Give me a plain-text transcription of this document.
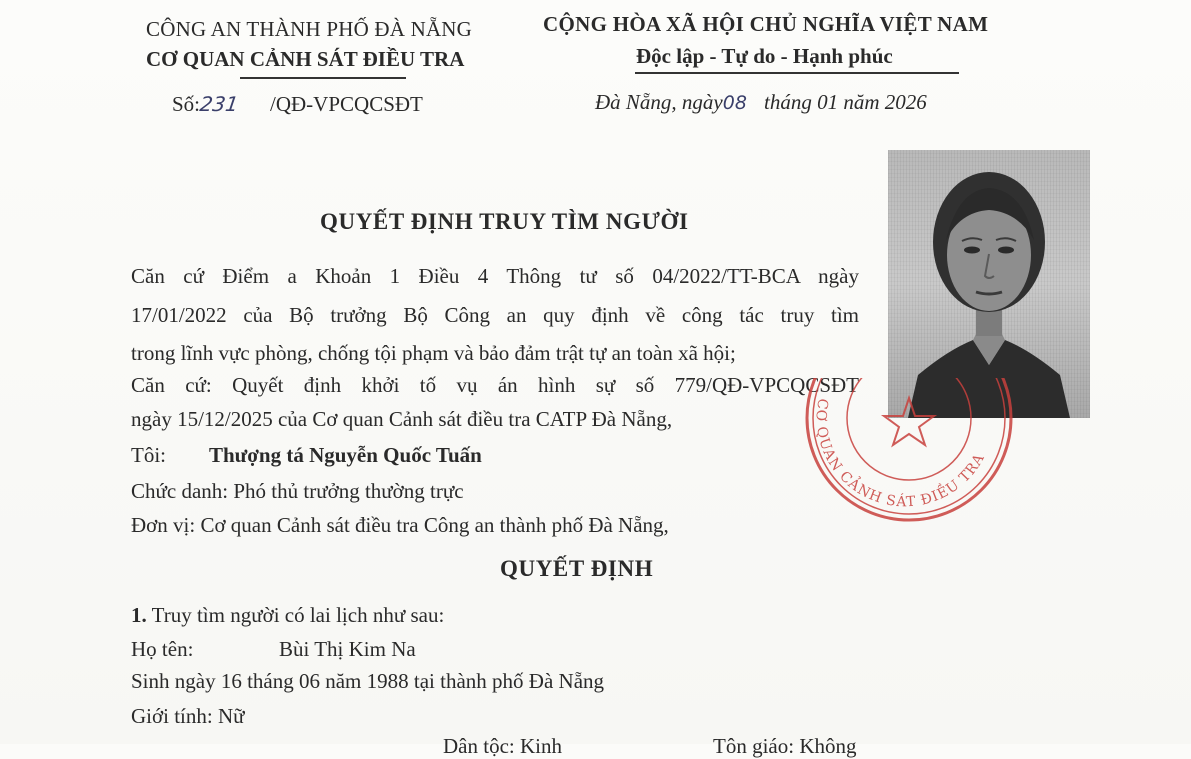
CÔNG AN THÀNH PHỐ ĐÀ NẴNG
CƠ QUAN CẢNH SÁT ĐIỀU TRA
Số:231 /QĐ-VPCQCSĐT
CỘNG HÒA XÃ HỘI CHỦ NGHĨA VIỆT NAM
Độc lập - Tự do - Hạnh phúc
Đà Nẵng, ngày08 tháng 01 năm 2026
QUYẾT ĐỊNH TRUY TÌM NGƯỜI
Căn cứ Điểm a Khoản 1 Điều 4 Thông tư số 04/2022/TT-BCA ngày
17/01/2022 của Bộ trưởng Bộ Công an quy định về công tác truy tìm
trong lĩnh vực phòng, chống tội phạm và bảo đảm trật tự an toàn xã hội;
Căn cứ: Quyết định khởi tố vụ án hình sự số 779/QĐ-VPCQCSĐT
ngày 15/12/2025 của Cơ quan Cảnh sát điều tra CATP Đà Nẵng,
Tôi: Thượng tá Nguyễn Quốc Tuấn
Chức danh: Phó thủ trưởng thường trực
Đơn vị: Cơ quan Cảnh sát điều tra Công an thành phố Đà Nẵng,
QUYẾT ĐỊNH
1. Truy tìm người có lai lịch như sau:
Họ tên:	Bùi Thị Kim Na
Sinh ngày 16 tháng 06 năm 1988 tại thành phố Đà Nẵng
Giới tính: Nữ
Dân tộc: Kinh	Tôn giáo: Không
CƠ QUAN CẢNH SÁT ĐIỀU TRA
